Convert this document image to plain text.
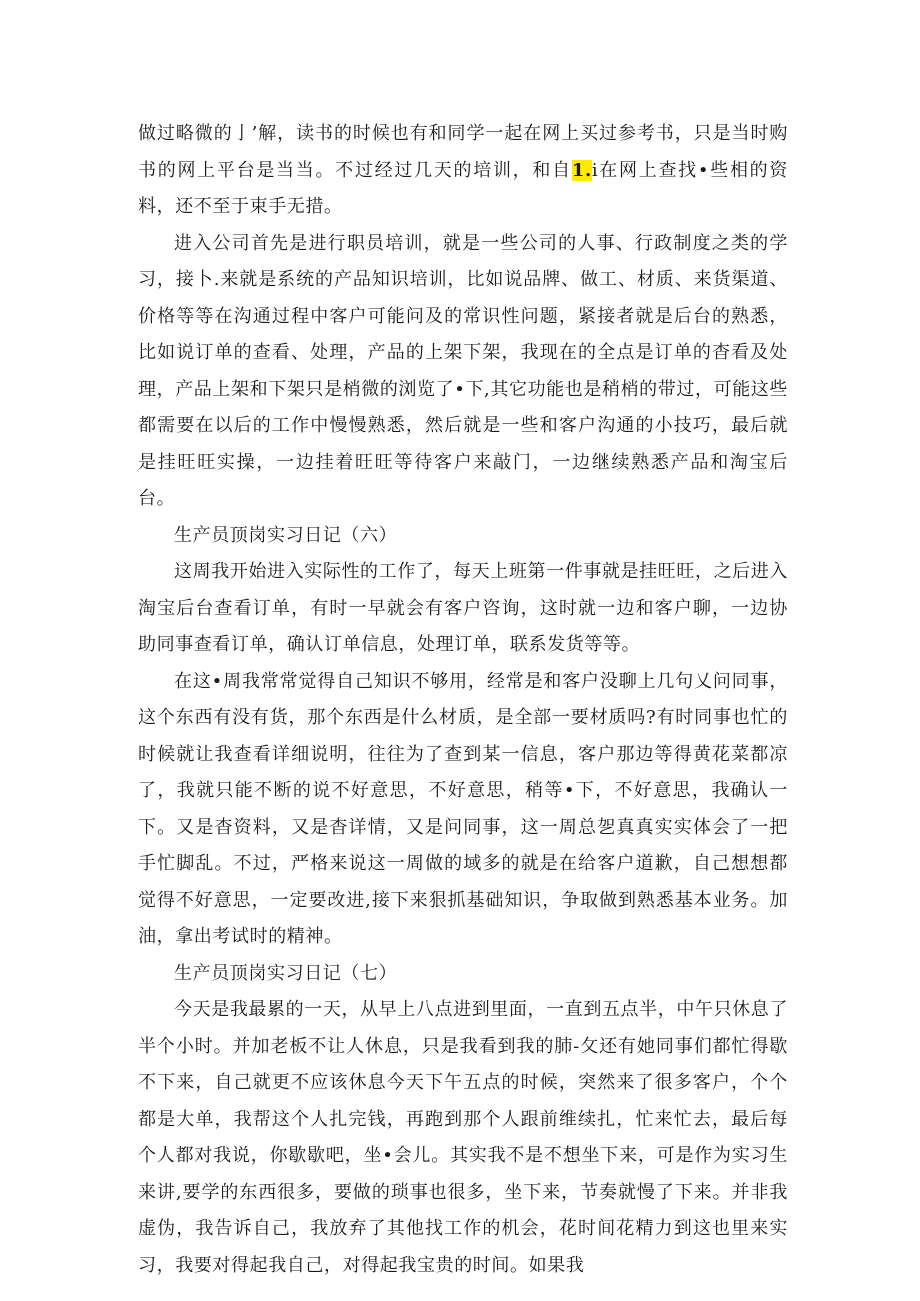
做过略微的亅’解，读书的时候也有和同学一起在网上买过参考书，只是当时购书的网上平台是当当。不过经过几天的培训，和自1.i在网上查找•些相的资料，还不至于束手无措。

进入公司首先是进行职员培训，就是一些公司的人事、行政制度之类的学习，接卜.来就是系统的产品知识培训，比如说品牌、做工、材质、来货渠道、价格等等在沟通过程中客户可能问及的常识性问题，紧接者就是后台的熟悉，比如说订单的查看、处理，产品的上架下架，我现在的全点是订单的杳看及处理，产品上架和下架只是梢微的浏览了•下,其它功能也是稍梢的带过，可能这些都需要在以后的工作中慢慢熟悉，然后就是一些和客户沟通的小技巧，最后就是挂旺旺实操，一边挂着旺旺等待客户来敲门，一边继续熟悉产品和淘宝后台。

生产员顶岗实习日记（六）

这周我开始进入实际性的工作了，每天上班第一件事就是挂旺旺，之后进入淘宝后台查看订单，有时一早就会有客户咨询，这时就一边和客户聊，一边协助同事查看订单，确认订单信息，处理订单，联系发货等等。

在这•周我常常觉得自己知识不够用，经常是和客户没聊上几句乂问同事，这个东西有没有货，那个东西是什么材质，是全部一要材质吗?有时同事也忙的时候就让我查看详细说明，往往为了查到某一信息，客户那边等得黄花菜都凉了，我就只能不断的说不好意思，不好意思，稍等•下，不好意思，我确认一下。又是杳资料，又是杳详情，又是问同事，这一周总乫真真实实体会了一把手忙脚乱。不过，严格来说这一周做的域多的就是在给客户道歉，自己想想都觉得不好意思，一定要改进,接下来狠抓基础知识，争取做到熟悉基本业务。加油，拿出考试时的精神。

生产员顶岗实习日记（七）

今天是我最累的一天，从早上八点进到里面，一直到五点半，中午只休息了半个小时。并加老板不让人休息，只是我看到我的肺-攵还有她同事们都忙得歇不下来，自己就更不应该休息今天下午五点的时候，突然来了很多客户，个个都是大单，我帮这个人扎完钱，再跑到那个人跟前维续扎，忙来忙去，最后每个人都对我说，你歇歇吧，坐•会儿。其实我不是不想坐下来，可是作为实习生来讲,要学的东西很多，要做的琐事也很多，坐下来，节奏就慢了下来。并非我虚伪，我告诉自己，我放弃了其他找工作的机会，花时间花精力到这也里来实习，我要对得起我自己，对得起我宝贵的时间。如果我
